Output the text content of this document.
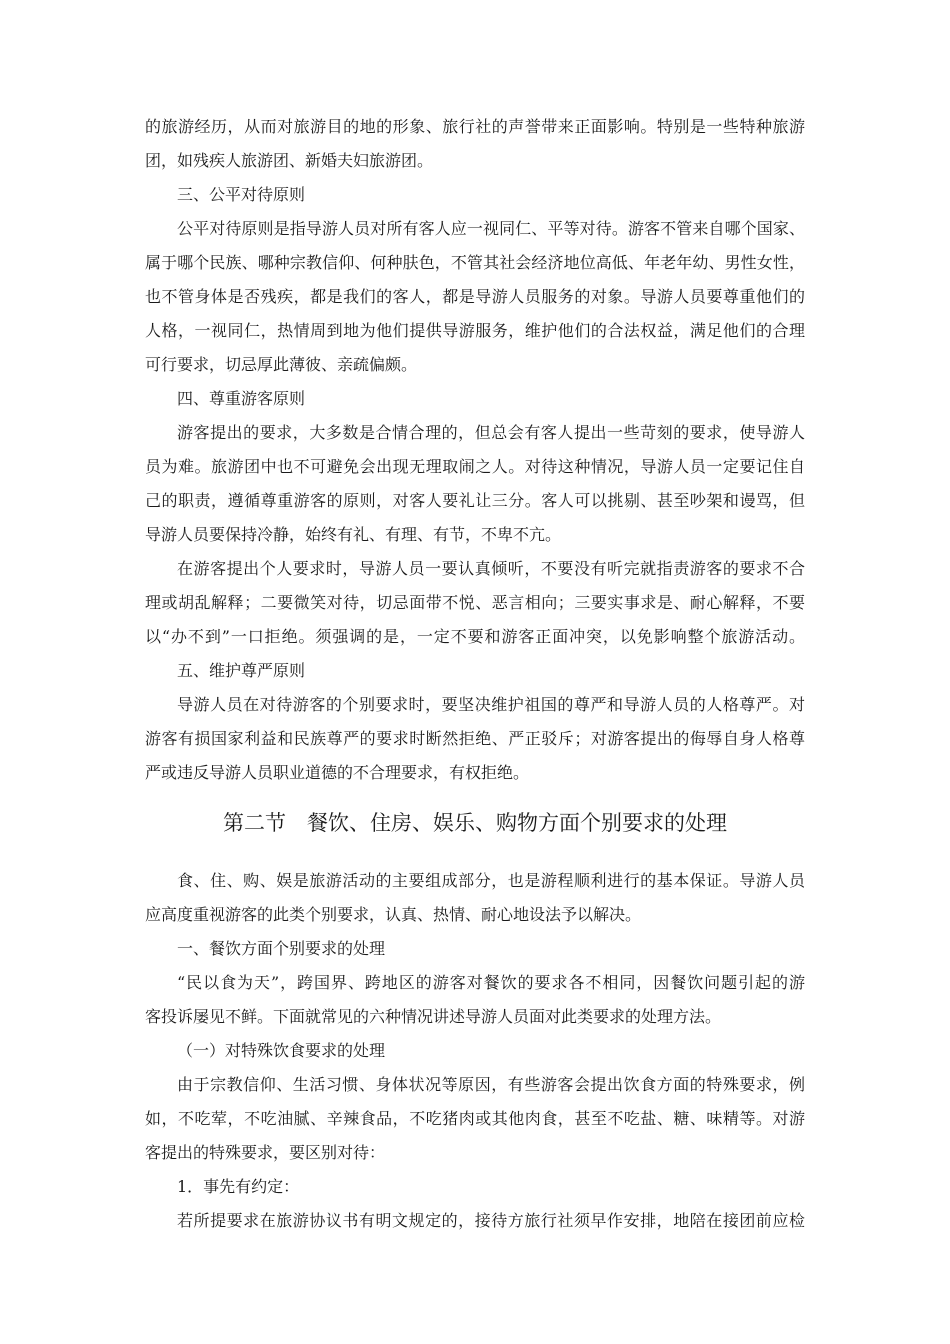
的旅游经历，从而对旅游目的地的形象、旅行社的声誉带来正面影响。特别是一些特种旅游
团，如残疾人旅游团、新婚夫妇旅游团。
三、公平对待原则
公平对待原则是指导游人员对所有客人应一视同仁、平等对待。游客不管来自哪个国家、
属于哪个民族、哪种宗教信仰、何种肤色，不管其社会经济地位高低、年老年幼、男性女性，
也不管身体是否残疾，都是我们的客人，都是导游人员服务的对象。导游人员要尊重他们的
人格，一视同仁，热情周到地为他们提供导游服务，维护他们的合法权益，满足他们的合理
可行要求，切忌厚此薄彼、亲疏偏颇。
四、尊重游客原则
游客提出的要求，大多数是合情合理的，但总会有客人提出一些苛刻的要求，使导游人
员为难。旅游团中也不可避免会出现无理取闹之人。对待这种情况，导游人员一定要记住自
己的职责，遵循尊重游客的原则，对客人要礼让三分。客人可以挑剔、甚至吵架和谩骂，但
导游人员要保持冷静，始终有礼、有理、有节，不卑不亢。
在游客提出个人要求时，导游人员一要认真倾听，不要没有听完就指责游客的要求不合
理或胡乱解释；二要微笑对待，切忌面带不悦、恶言相向；三要实事求是、耐心解释，不要
以“办不到”一口拒绝。须强调的是，一定不要和游客正面冲突，以免影响整个旅游活动。
五、维护尊严原则
导游人员在对待游客的个别要求时，要坚决维护祖国的尊严和导游人员的人格尊严。对
游客有损国家利益和民族尊严的要求时断然拒绝、严正驳斥；对游客提出的侮辱自身人格尊
严或违反导游人员职业道德的不合理要求，有权拒绝。
第二节　餐饮、住房、娱乐、购物方面个别要求的处理
食、住、购、娱是旅游活动的主要组成部分，也是游程顺利进行的基本保证。导游人员
应高度重视游客的此类个别要求，认真、热情、耐心地设法予以解决。
一、餐饮方面个别要求的处理
“民以食为天”，跨国界、跨地区的游客对餐饮的要求各不相同，因餐饮问题引起的游
客投诉屡见不鲜。下面就常见的六种情况讲述导游人员面对此类要求的处理方法。
（一）对特殊饮食要求的处理
由于宗教信仰、生活习惯、身体状况等原因，有些游客会提出饮食方面的特殊要求，例
如，不吃荤，不吃油腻、辛辣食品，不吃猪肉或其他肉食，甚至不吃盐、糖、味精等。对游
客提出的特殊要求，要区别对待：
1．事先有约定：
若所提要求在旅游协议书有明文规定的，接待方旅行社须早作安排，地陪在接团前应检
